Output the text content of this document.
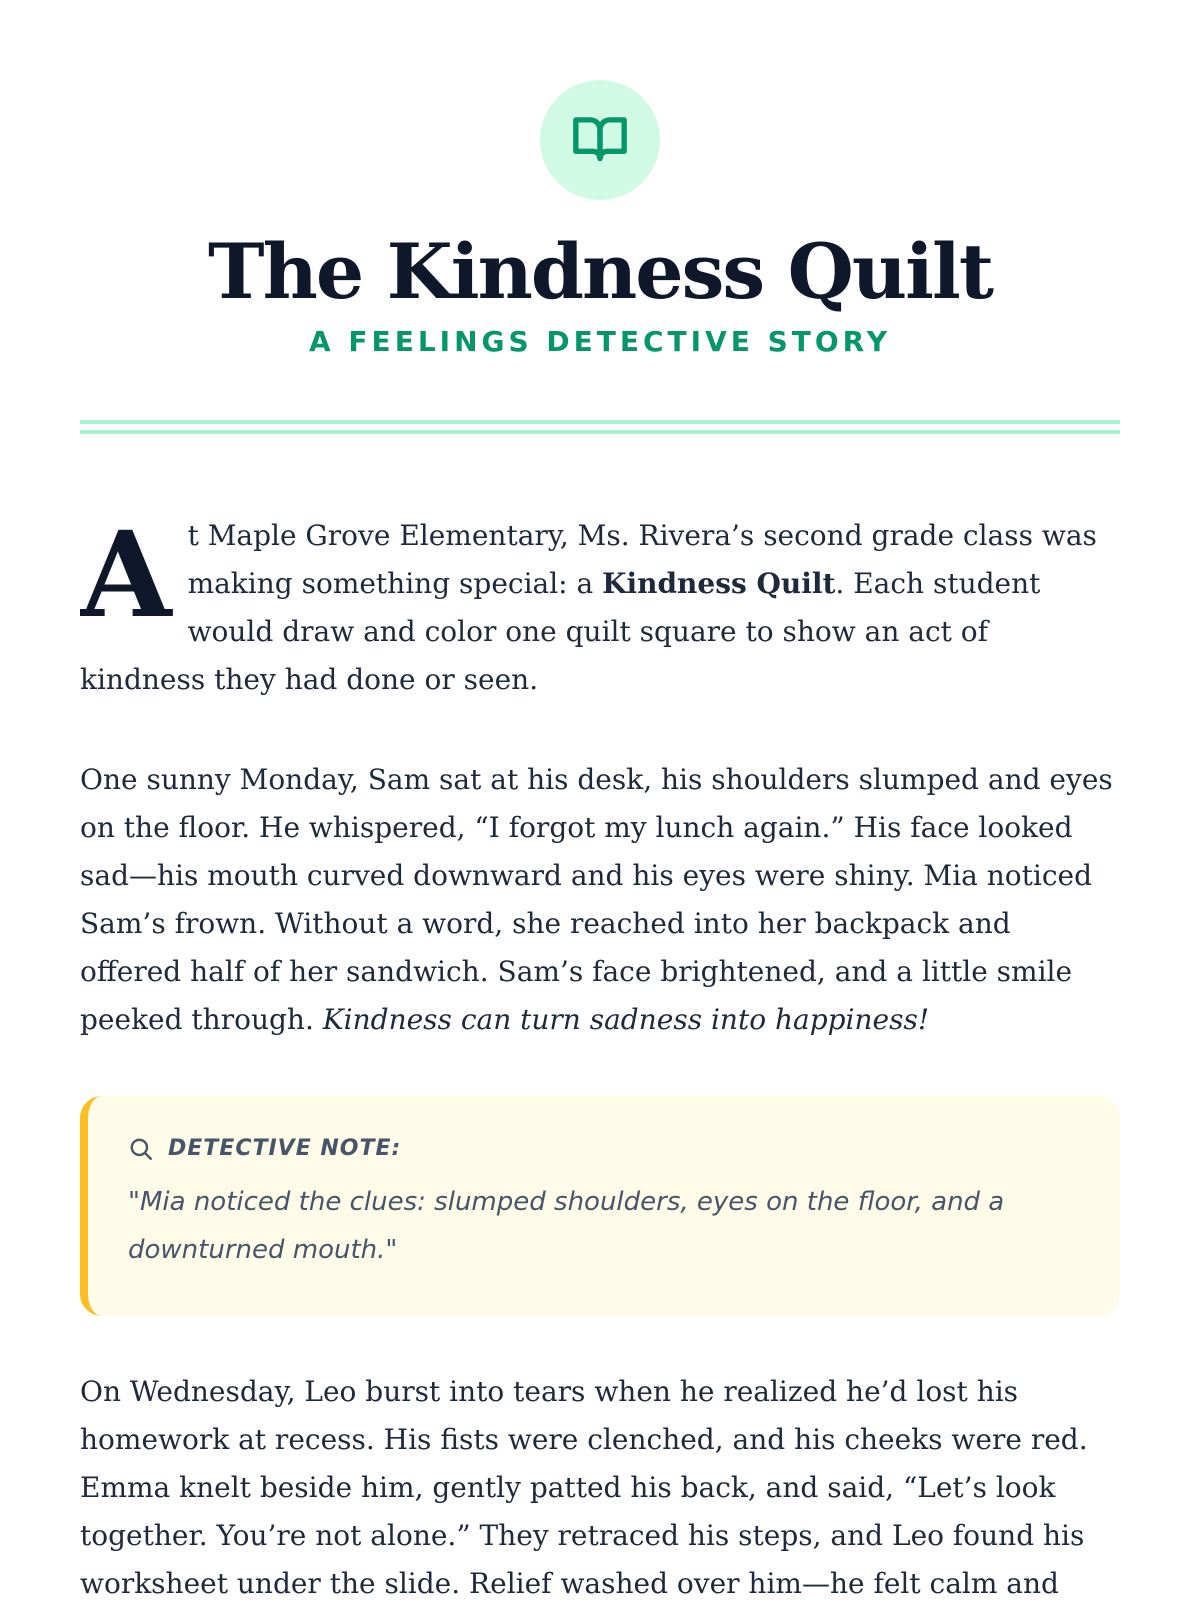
The Kindness Quilt

A FEELINGS DETECTIVE STORY

At Maple Grove Elementary, Ms. Rivera’s second grade class was making something special: a Kindness Quilt. Each student would draw and color one quilt square to show an act of kindness they had done or seen.

One sunny Monday, Sam sat at his desk, his shoulders slumped and eyes on the floor. He whispered, “I forgot my lunch again.” His face looked sad—his mouth curved downward and his eyes were shiny. Mia noticed Sam’s frown. Without a word, she reached into her backpack and offered half of her sandwich. Sam’s face brightened, and a little smile peeked through. Kindness can turn sadness into happiness!

DETECTIVE NOTE:
"Mia noticed the clues: slumped shoulders, eyes on the floor, and a downturned mouth."

On Wednesday, Leo burst into tears when he realized he’d lost his homework at recess. His fists were clenched, and his cheeks were red. Emma knelt beside him, gently patted his back, and said, “Let’s look together. You’re not alone.” They retraced his steps, and Leo found his worksheet under the slide. Relief washed over him—he felt calm and
